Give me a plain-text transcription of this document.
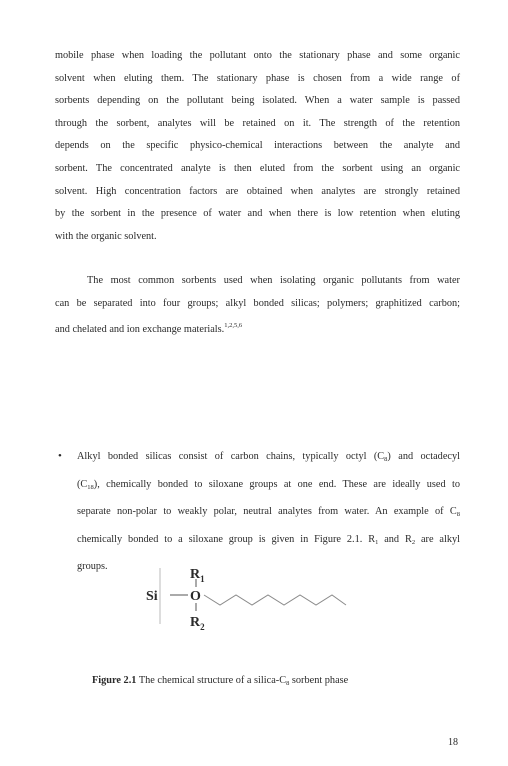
mobile phase when loading the pollutant onto the stationary phase and some organic
solvent when eluting them. The stationary phase is chosen from a wide range of
sorbents depending on the pollutant being isolated. When a water sample is passed
through the sorbent, analytes will be retained on it. The strength of the retention
depends on the specific physico-chemical interactions between the analyte and
sorbent. The concentrated analyte is then eluted from the sorbent using an organic
solvent. High concentration factors are obtained when analytes are strongly retained
by the sorbent in the presence of water and when there is low retention when eluting
with the organic solvent.

The most common sorbents used when isolating organic pollutants from water
can be separated into four groups; alkyl bonded silicas; polymers; graphitized carbon;
and chelated and ion exchange materials.$^{1,2,5,6}$

• Alkyl bonded silicas consist of carbon chains, typically octyl $(C_8)$ and octadecyl
$(C_{18})$, chemically bonded to siloxane groups at one end. These are ideally used to
separate non-polar to weakly polar, neutral analytes from water. An example of $C_8$
chemically bonded to a siloxane group is given in Figure 2.1. $R_1$ and $R_2$ are alkyl
groups.
$R_1$
Si O
$R_2$
Figure 2.1 The chemical structure of a silica-$C_8$ sorbent phase
18
